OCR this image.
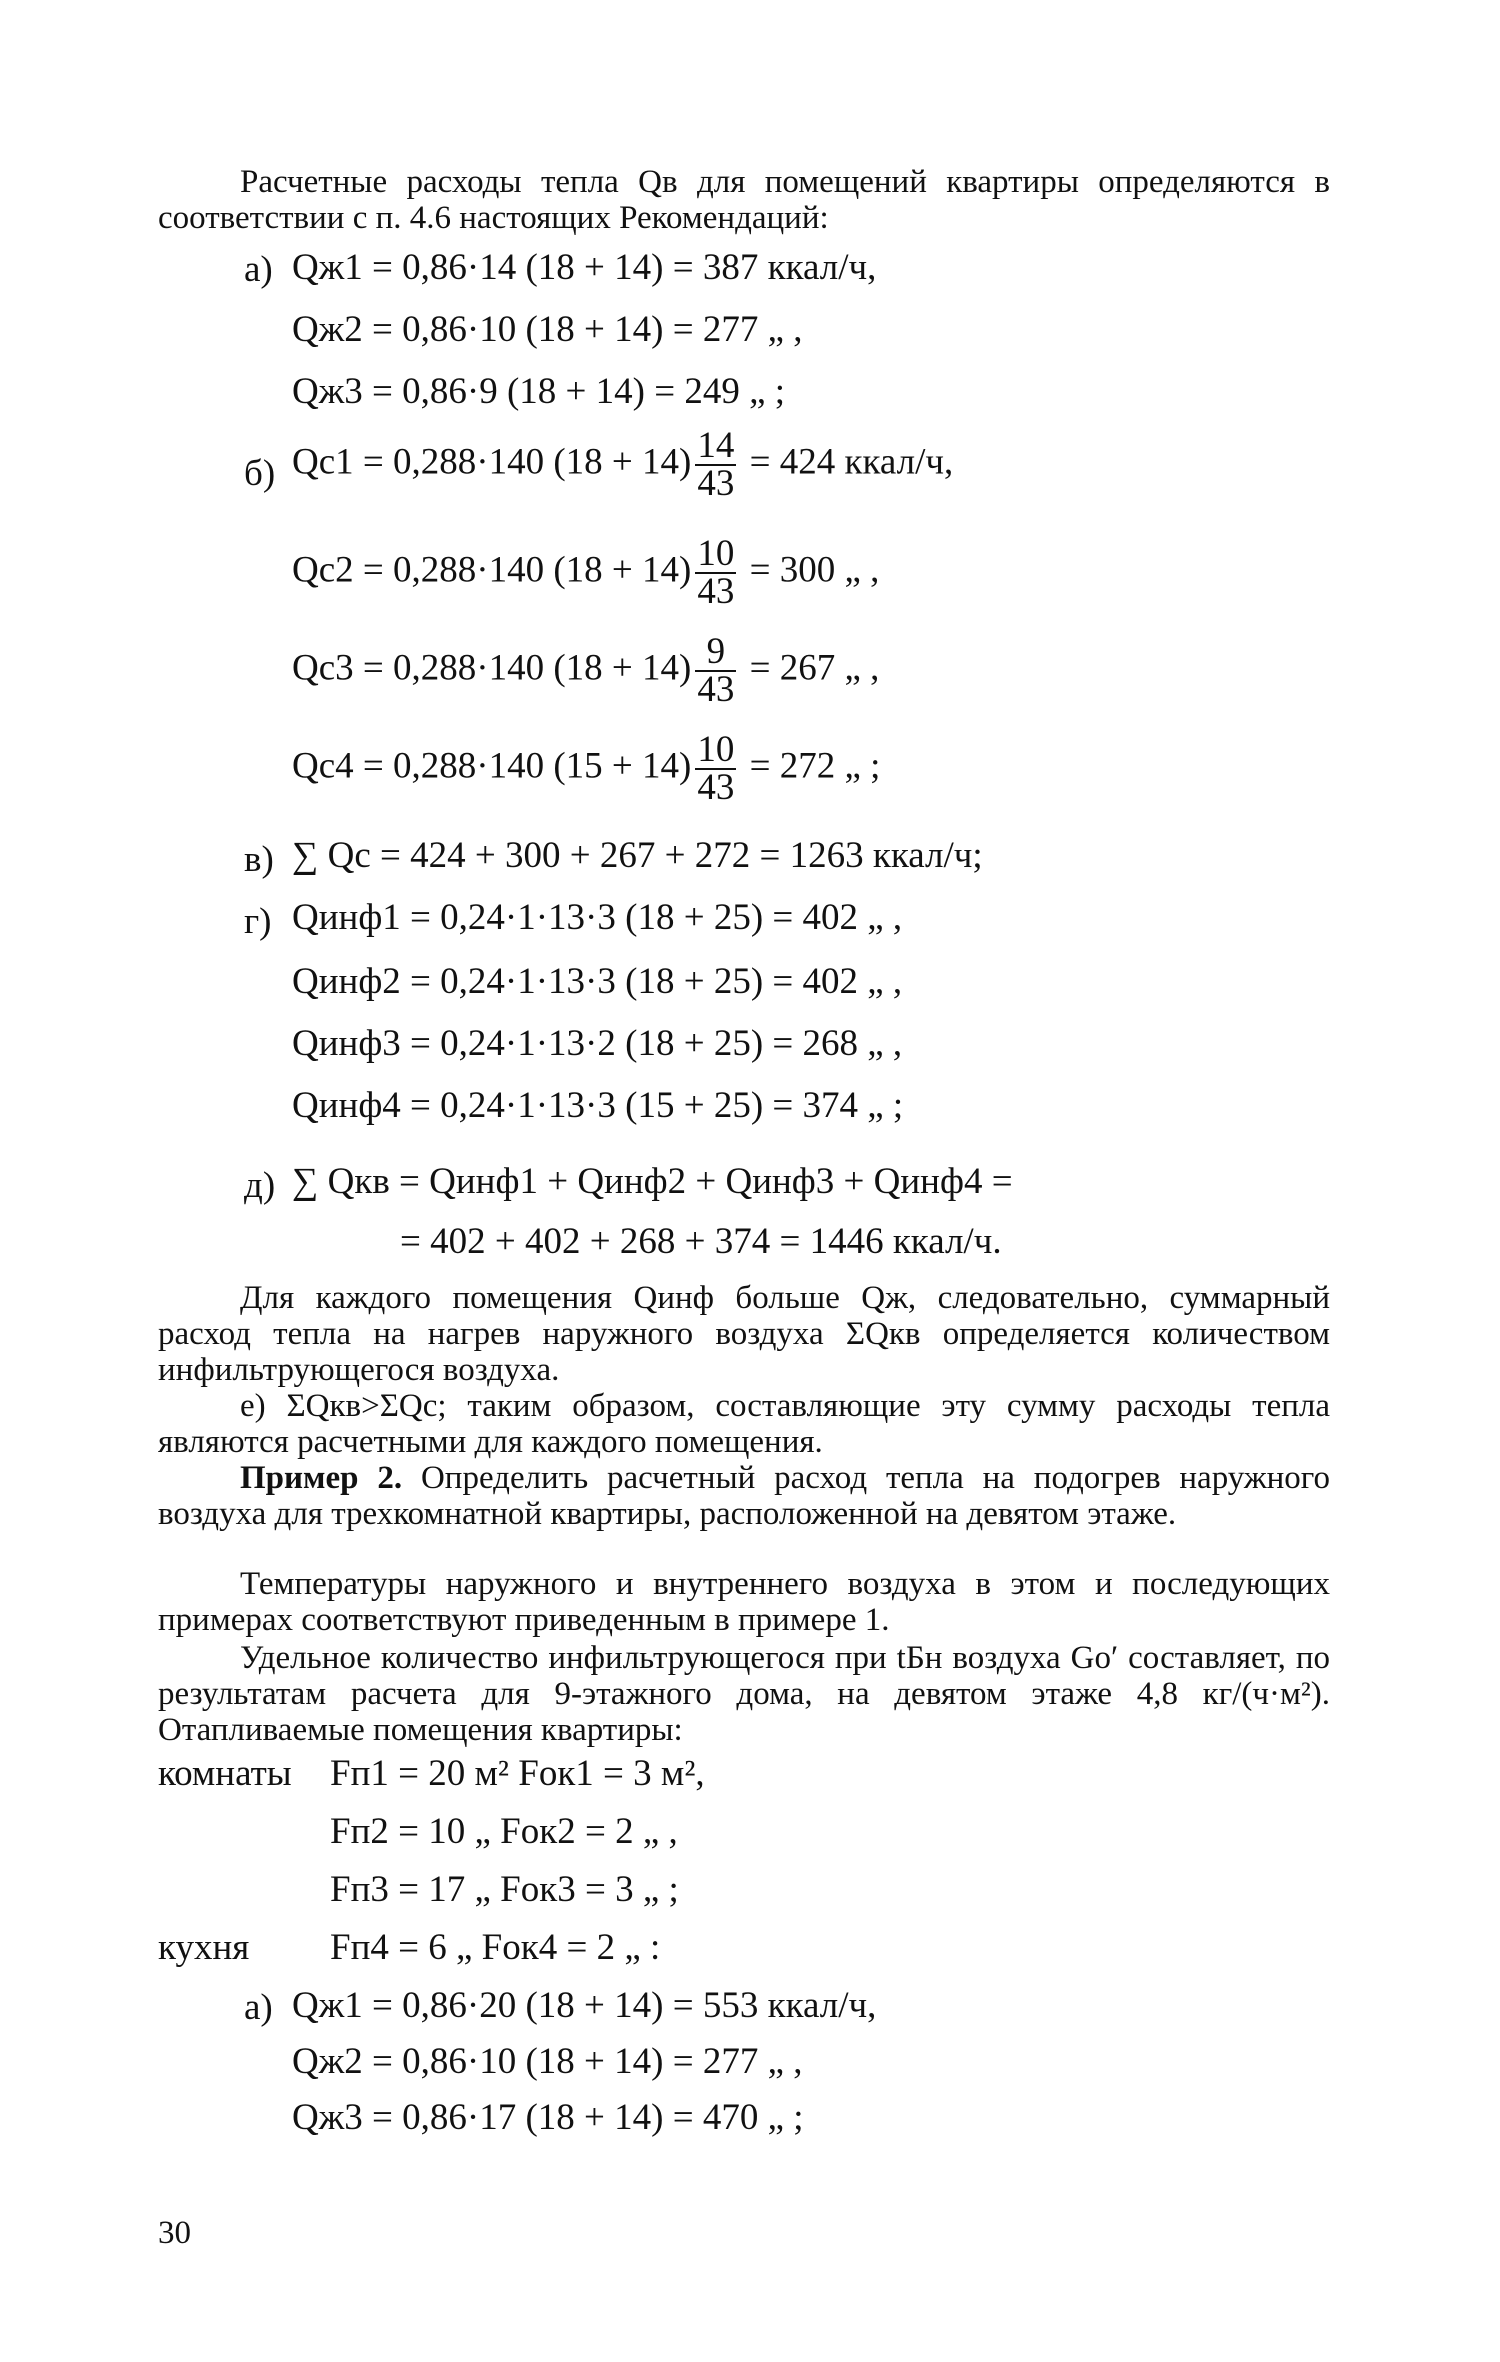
Расчетные расходы тепла Qв для помещений квартиры определяются в соответствии с п. 4.6 настоящих Рекомендаций:
а) Qж1 = 0,86·14 (18 + 14) = 387 ккал/ч,
Qж2 = 0,86·10 (18 + 14) = 277 „ ,
Qж3 = 0,86·9 (18 + 14) = 249 „ ;
б) Qс1 = 0,288·140 $(18 + 14) \frac{14}{43} = 424$ ккал/ч,
Qс2 = 0,288·140 $(18 + 14) \frac{10}{43} = 300$ „ ,
Qс3 = 0,288·140 $(18 + 14) \frac{9}{43} = 267$ „ ,
Qс4 = 0,288·140 $(15 + 14) \frac{10}{43} = 272$ „ ;
в) ∑ Qс = 424 + 300 + 267 + 272 = 1263 ккал/ч;
г) Qинф1 = 0,24·1·13·3 (18 + 25) = 402 „ ,
Qинф2 = 0,24·1·13·3 (18 + 25) = 402 „ ,
Qинф3 = 0,24·1·13·2 (18 + 25) = 268 „ ,
Qинф4 = 0,24·1·13·3 (15 + 25) = 374 „ ;
д) ∑ Qкв = Qинф1 + Qинф2 + Qинф3 + Qинф4 =
= 402 + 402 + 268 + 374 = 1446 ккал/ч.
Для каждого помещения Qинф больше Qж, следовательно, суммарный расход тепла на нагрев наружного воздуха ΣQкв определяется количеством инфильтрующегося воздуха.
е) ΣQкв>ΣQс; таким образом, составляющие эту сумму расходы тепла являются расчетными для каждого помещения.
Пример 2. Определить расчетный расход тепла на подогрев наружного воздуха для трехкомнатной квартиры, расположенной на девятом этаже.
Температуры наружного и внутреннего воздуха в этом и последующих примерах соответствуют приведенным в примере 1.
Удельное количество инфильтрующегося при tБн воздуха Go′ составляет, по результатам расчета для 9-этажного дома, на девятом этаже 4,8 кг/(ч·м²). Отапливаемые помещения квартиры:
комнаты Fп1 = 20 м² Fок1 = 3 м²,
Fп2 = 10 „ Fок2 = 2 „ ,
Fп3 = 17 „ Fок3 = 3 „ ;
кухня Fп4 = 6 „ Fок4 = 2 „ :
а) Qж1 = 0,86·20 (18 + 14) = 553 ккал/ч,
Qж2 = 0,86·10 (18 + 14) = 277 „ ,
Qж3 = 0,86·17 (18 + 14) = 470 „ ;
30
